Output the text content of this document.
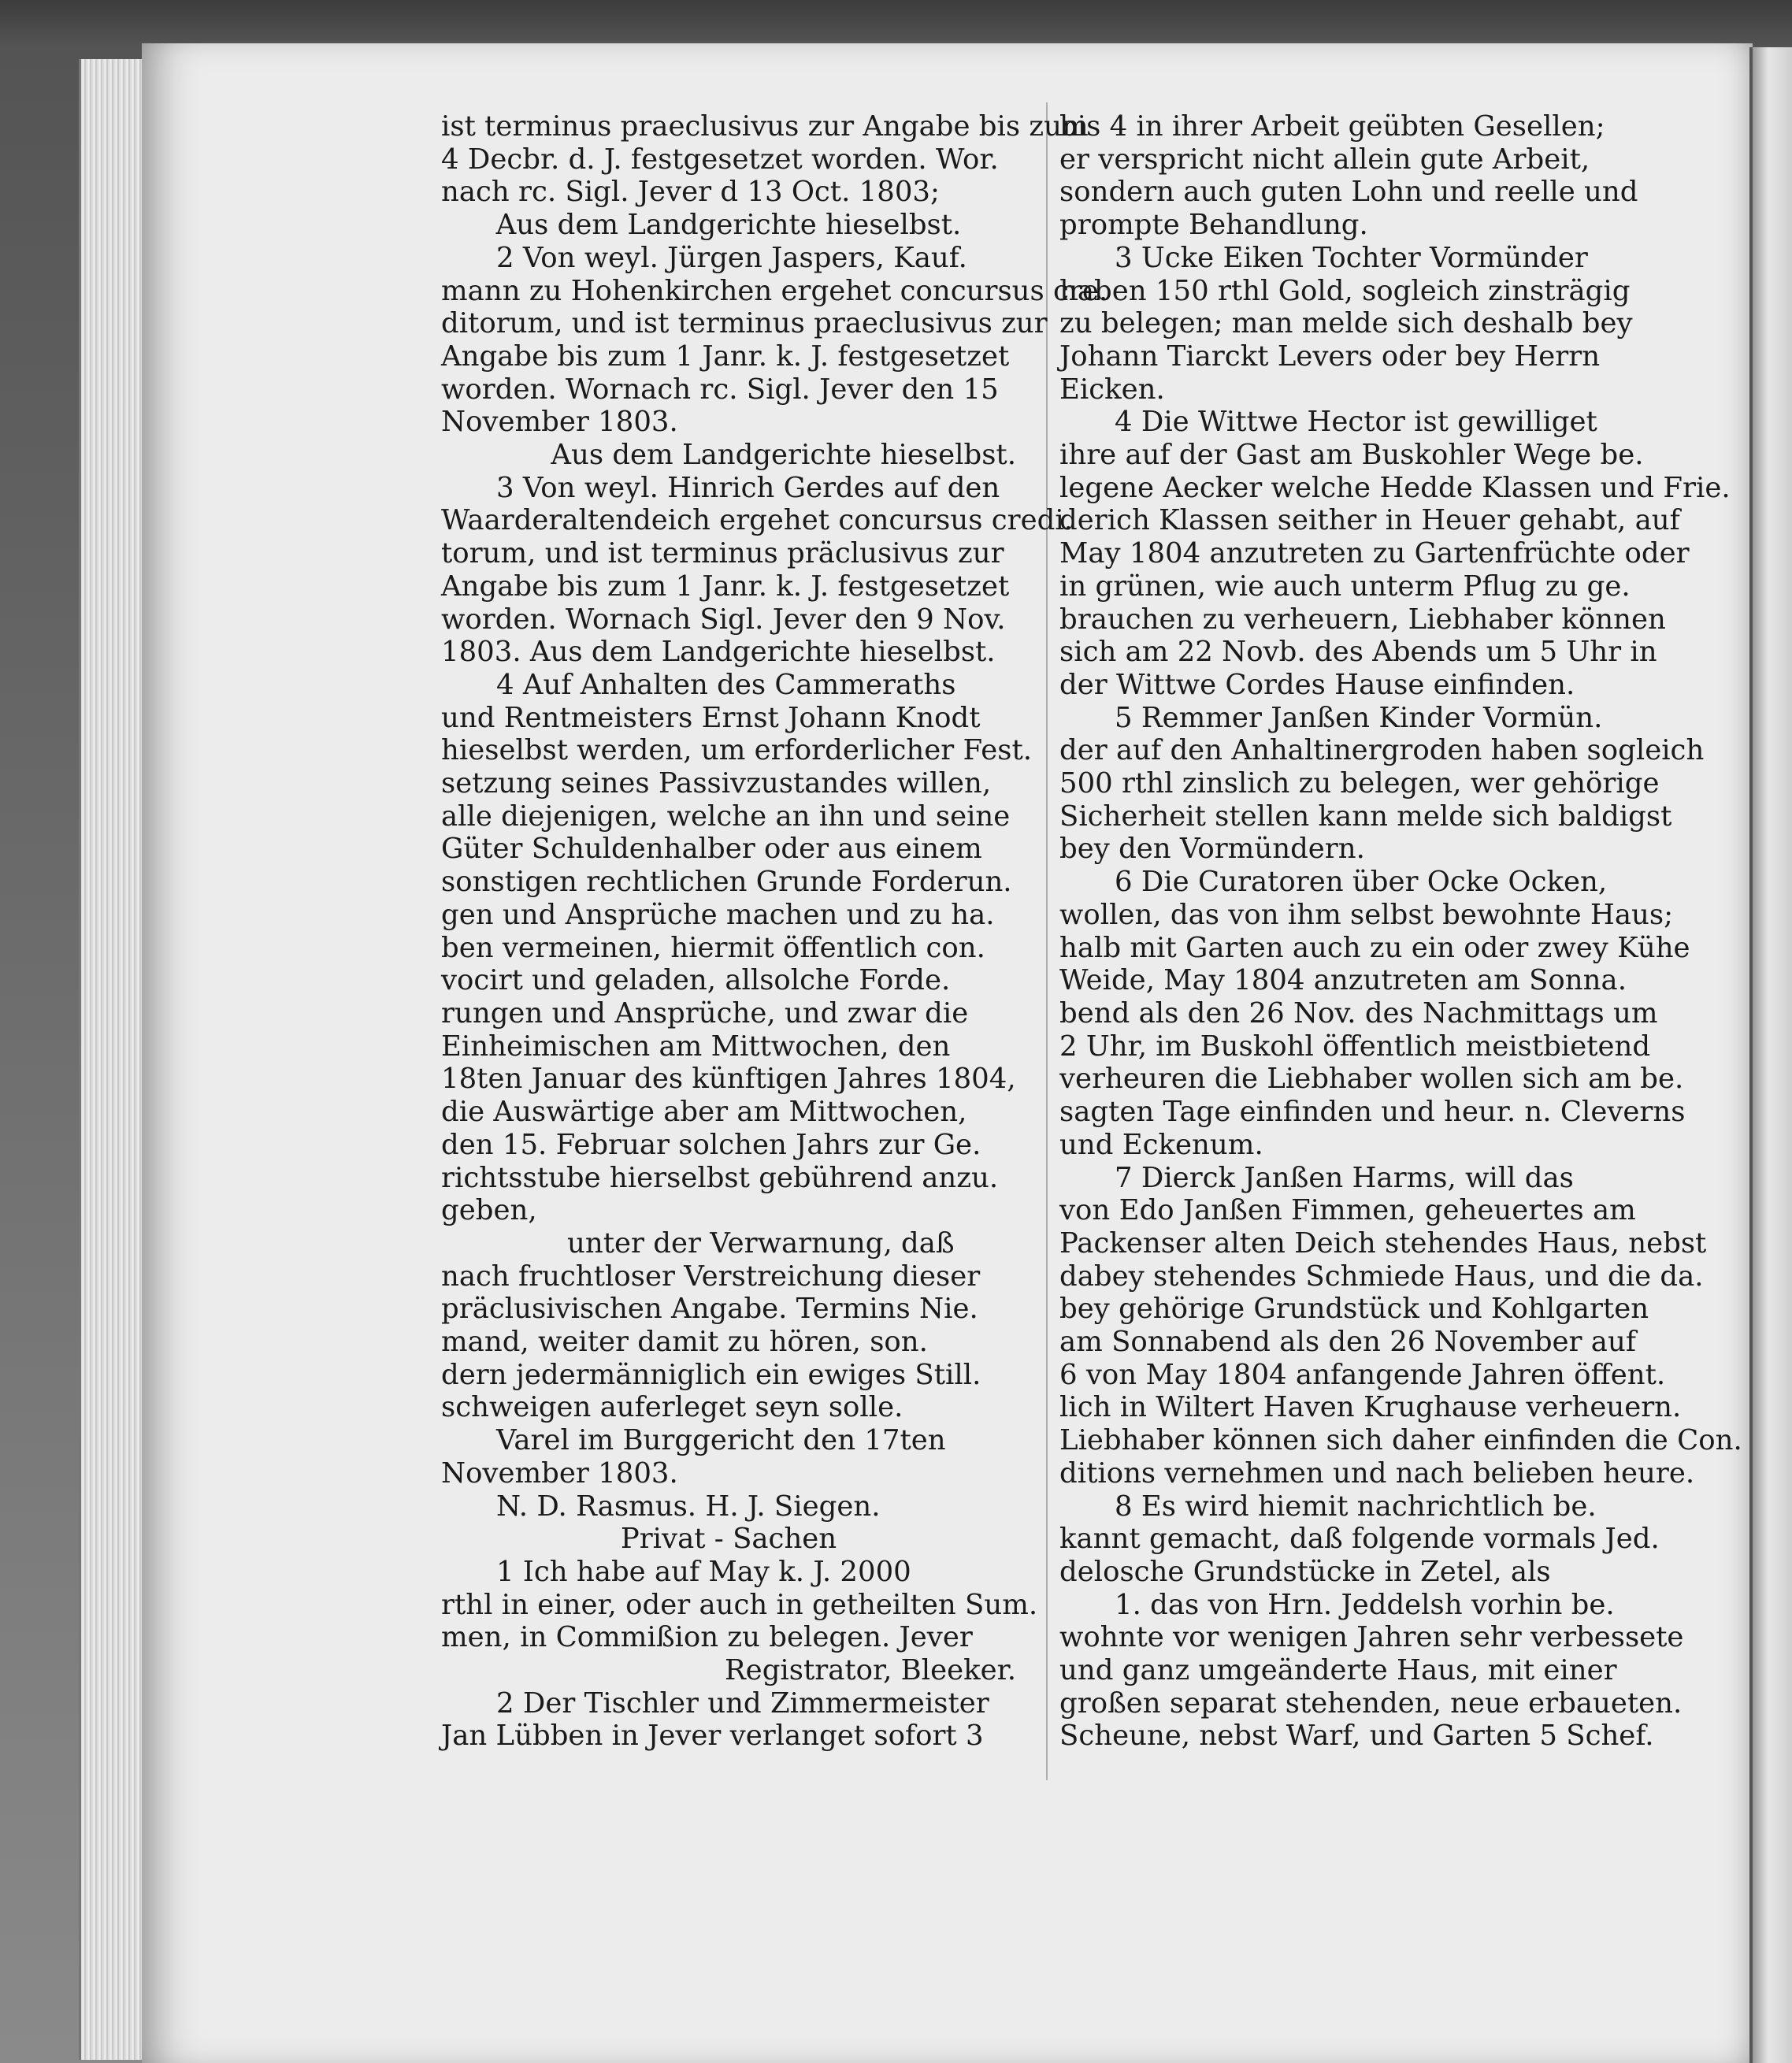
ist terminus praeclusivus zur Angabe bis zum
4 Decbr. d. J. festgesetzet worden. Wor.
nach rc. Sigl. Jever d 13 Oct. 1803;
Aus dem Landgerichte hieselbst.
2 Von weyl. Jürgen Jaspers, Kauf.
mann zu Hohenkirchen ergehet concursus cre.
ditorum, und ist terminus praeclusivus zur
Angabe bis zum 1 Janr. k. J. festgesetzet
worden. Wornach rc. Sigl. Jever den 15
November 1803.
Aus dem Landgerichte hieselbst.
3 Von weyl. Hinrich Gerdes auf den
Waarderaltendeich ergehet concursus credi.
torum, und ist terminus präclusivus zur
Angabe bis zum 1 Janr. k. J. festgesetzet
worden. Wornach Sigl. Jever den 9 Nov.
1803. Aus dem Landgerichte hieselbst.
4 Auf Anhalten des Cammeraths
und Rentmeisters Ernst Johann Knodt
hieselbst werden, um erforderlicher Fest.
setzung seines Passivzustandes willen,
alle diejenigen, welche an ihn und seine
Güter Schuldenhalber oder aus einem
sonstigen rechtlichen Grunde Forderun.
gen und Ansprüche machen und zu ha.
ben vermeinen, hiermit öffentlich con.
vocirt und geladen, allsolche Forde.
rungen und Ansprüche, und zwar die
Einheimischen am Mittwochen, den
18ten Januar des künftigen Jahres 1804,
die Auswärtige aber am Mittwochen,
den 15. Februar solchen Jahrs zur Ge.
richtsstube hierselbst gebührend anzu.
geben,
unter der Verwarnung, daß
nach fruchtloser Verstreichung dieser
präclusivischen Angabe. Termins Nie.
mand, weiter damit zu hören, son.
dern jedermänniglich ein ewiges Still.
schweigen auferleget seyn solle.
Varel im Burggericht den 17ten
November 1803.
N. D. Rasmus. H. J. Siegen.
Privat - Sachen
1 Ich habe auf May k. J. 2000
rthl in einer, oder auch in getheilten Sum.
men, in Commißion zu belegen. Jever
Registrator, Bleeker.
2 Der Tischler und Zimmermeister
Jan Lübben in Jever verlanget sofort 3
bis 4 in ihrer Arbeit geübten Gesellen;
er verspricht nicht allein gute Arbeit,
sondern auch guten Lohn und reelle und
prompte Behandlung.
3 Ucke Eiken Tochter Vormünder
haben 150 rthl Gold, sogleich zinsträgig
zu belegen; man melde sich deshalb bey
Johann Tiarckt Levers oder bey Herrn
Eicken.
4 Die Wittwe Hector ist gewilliget
ihre auf der Gast am Buskohler Wege be.
legene Aecker welche Hedde Klassen und Frie.
derich Klassen seither in Heuer gehabt, auf
May 1804 anzutreten zu Gartenfrüchte oder
in grünen, wie auch unterm Pflug zu ge.
brauchen zu verheuern, Liebhaber können
sich am 22 Novb. des Abends um 5 Uhr in
der Wittwe Cordes Hause einfinden.
5 Remmer Janßen Kinder Vormün.
der auf den Anhaltinergroden haben sogleich
500 rthl zinslich zu belegen, wer gehörige
Sicherheit stellen kann melde sich baldigst
bey den Vormündern.
6 Die Curatoren über Ocke Ocken,
wollen, das von ihm selbst bewohnte Haus;
halb mit Garten auch zu ein oder zwey Kühe
Weide, May 1804 anzutreten am Sonna.
bend als den 26 Nov. des Nachmittags um
2 Uhr, im Buskohl öffentlich meistbietend
verheuren die Liebhaber wollen sich am be.
sagten Tage einfinden und heur. n. Cleverns
und Eckenum.
7 Dierck Janßen Harms, will das
von Edo Janßen Fimmen, geheuertes am
Packenser alten Deich stehendes Haus, nebst
dabey stehendes Schmiede Haus, und die da.
bey gehörige Grundstück und Kohlgarten
am Sonnabend als den 26 November auf
6 von May 1804 anfangende Jahren öffent.
lich in Wiltert Haven Krughause verheuern.
Liebhaber können sich daher einfinden die Con.
ditions vernehmen und nach belieben heure.
8 Es wird hiemit nachrichtlich be.
kannt gemacht, daß folgende vormals Jed.
delosche Grundstücke in Zetel, als
1. das von Hrn. Jeddelsh vorhin be.
wohnte vor wenigen Jahren sehr verbessete
und ganz umgeänderte Haus, mit einer
großen separat stehenden, neue erbaueten.
Scheune, nebst Warf, und Garten 5 Schef.
